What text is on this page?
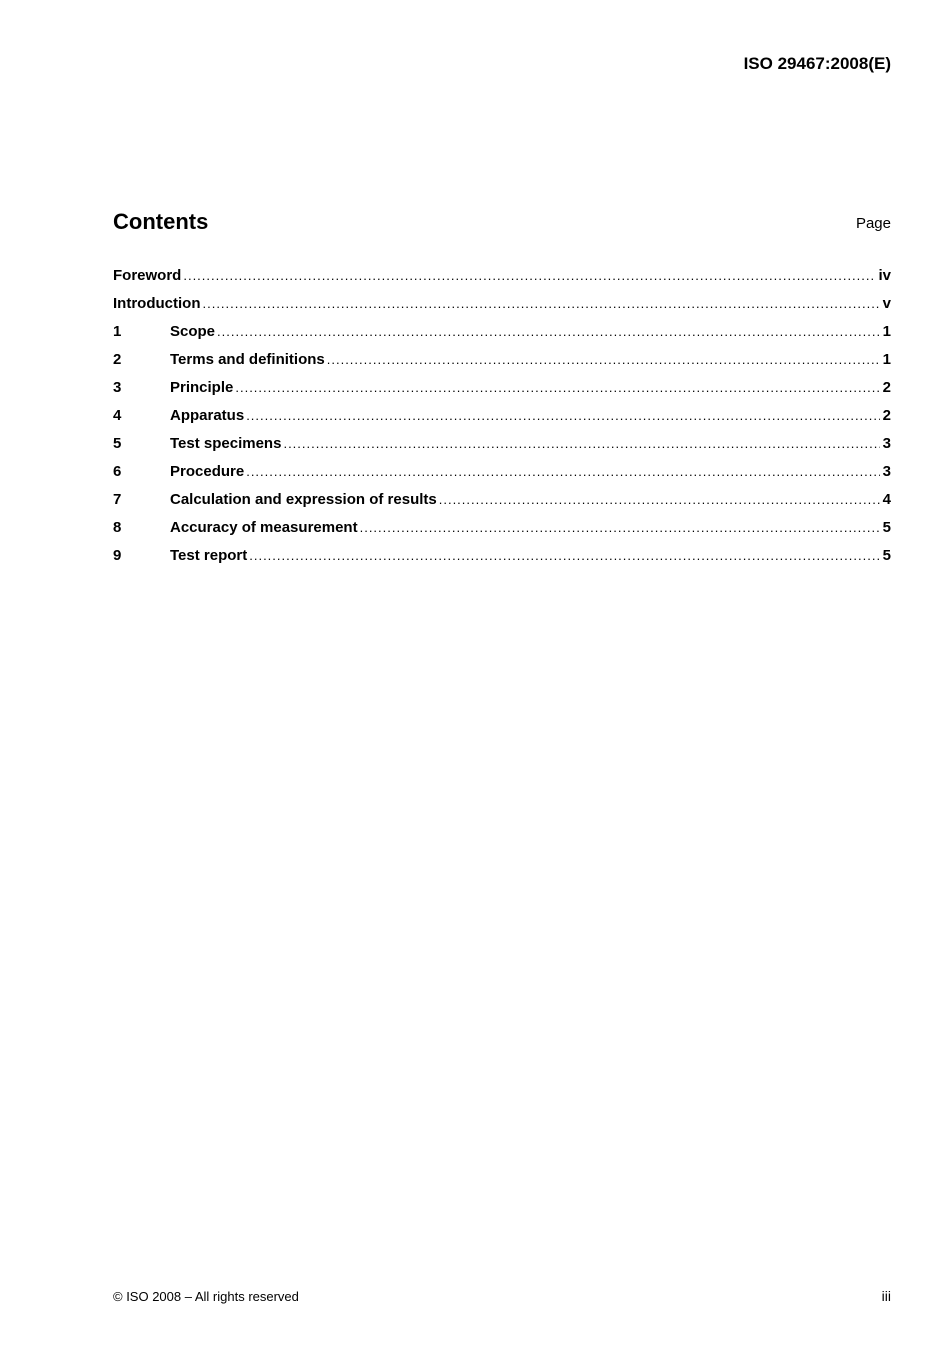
ISO 29467:2008(E)
Contents	Page
Foreword .....	iv
Introduction .....	v
1	Scope .....	1
2	Terms and definitions .....	1
3	Principle .....	2
4	Apparatus .....	2
5	Test specimens .....	3
6	Procedure .....	3
7	Calculation and expression of results .....	4
8	Accuracy of measurement .....	5
9	Test report .....	5
© ISO 2008 – All rights reserved	iii
